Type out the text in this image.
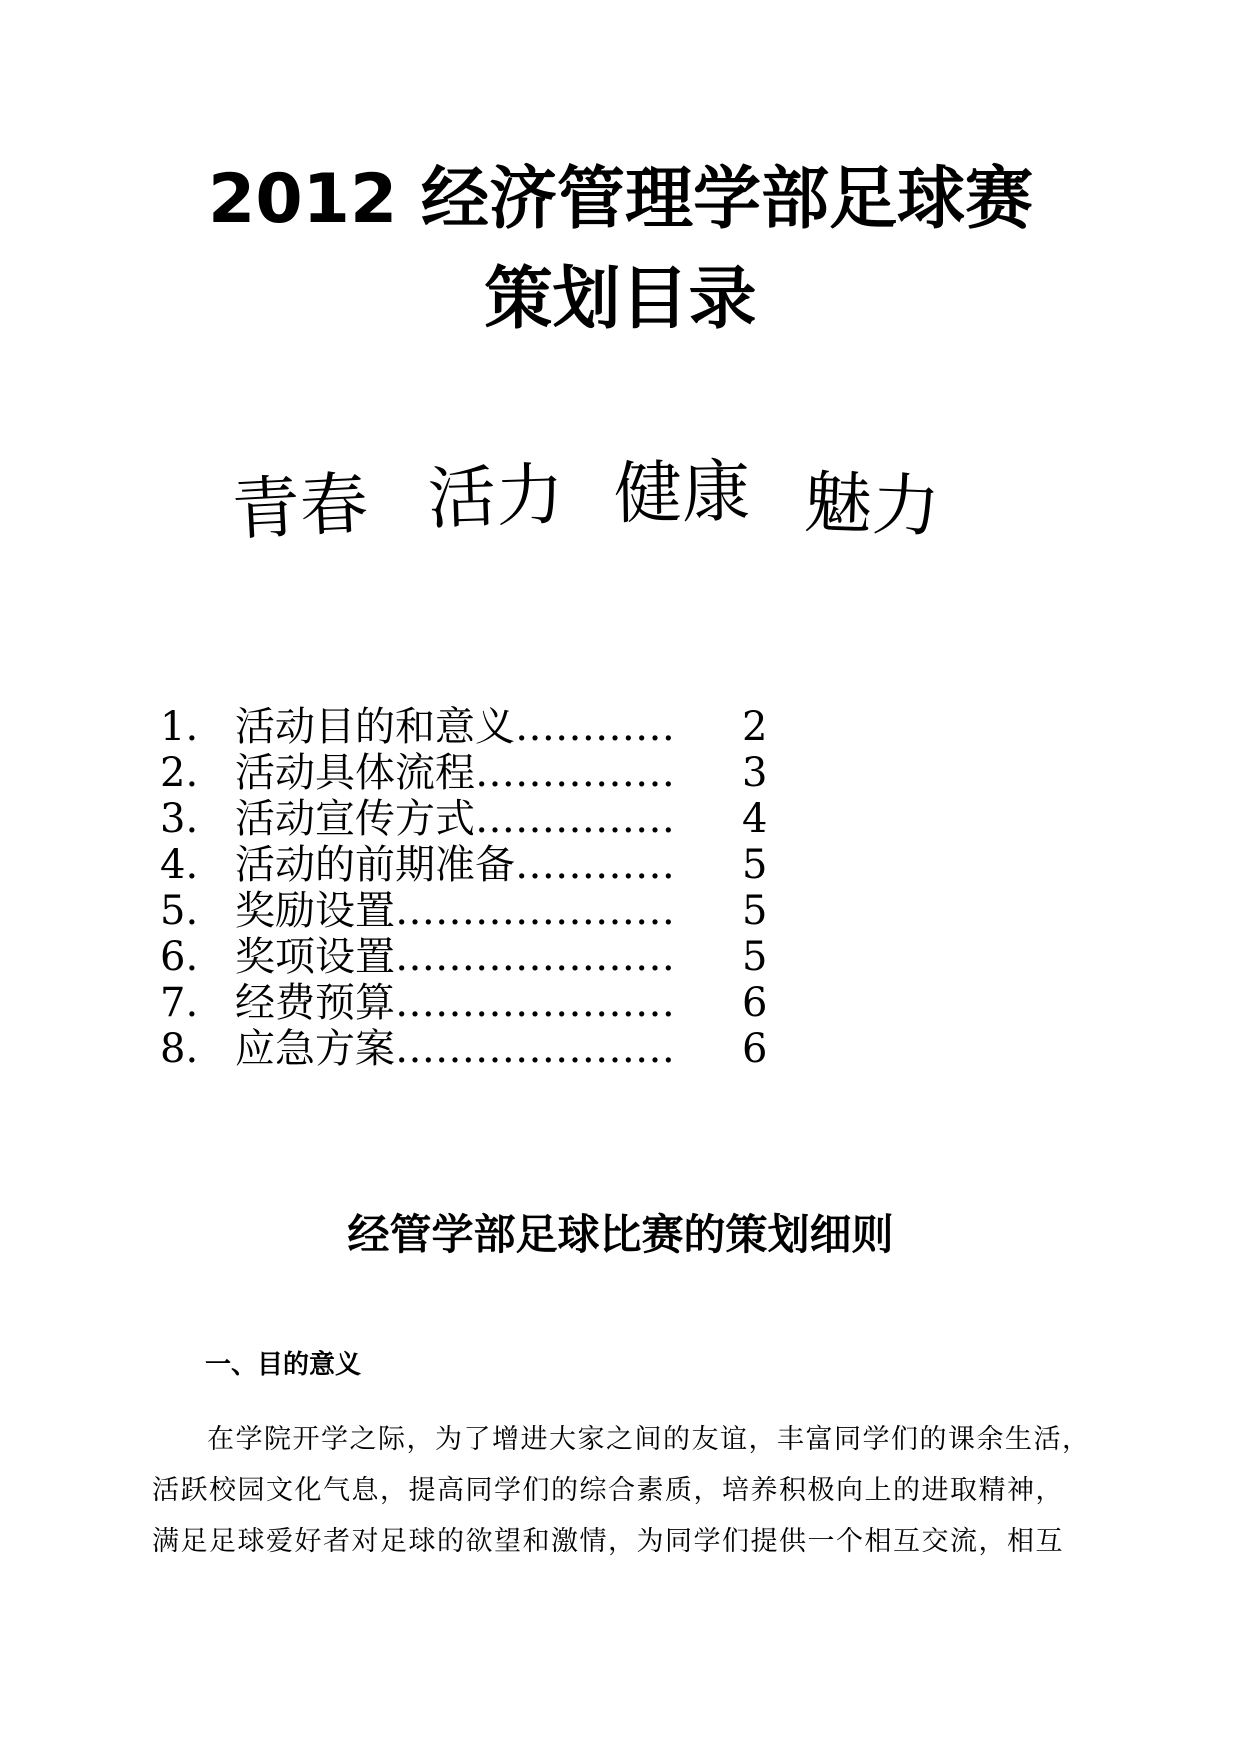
2012 经济管理学部足球赛
策划目录
青春 活力 健康 魅力
1. 活动目的和意义………… 2
2. 活动具体流程…………… 3
3. 活动宣传方式…………… 4
4. 活动的前期准备………… 5
5. 奖励设置………………… 5
6. 奖项设置………………… 5
7. 经费预算………………… 6
8. 应急方案………………… 6
经管学部足球比赛的策划细则
一、目的意义

在学院开学之际，为了增进大家之间的友谊，丰富同学们的课余生活，

活跃校园文化气息，提高同学们的综合素质，培养积极向上的进取精神，

满足足球爱好者对足球的欲望和激情，为同学们提供一个相互交流，相互
